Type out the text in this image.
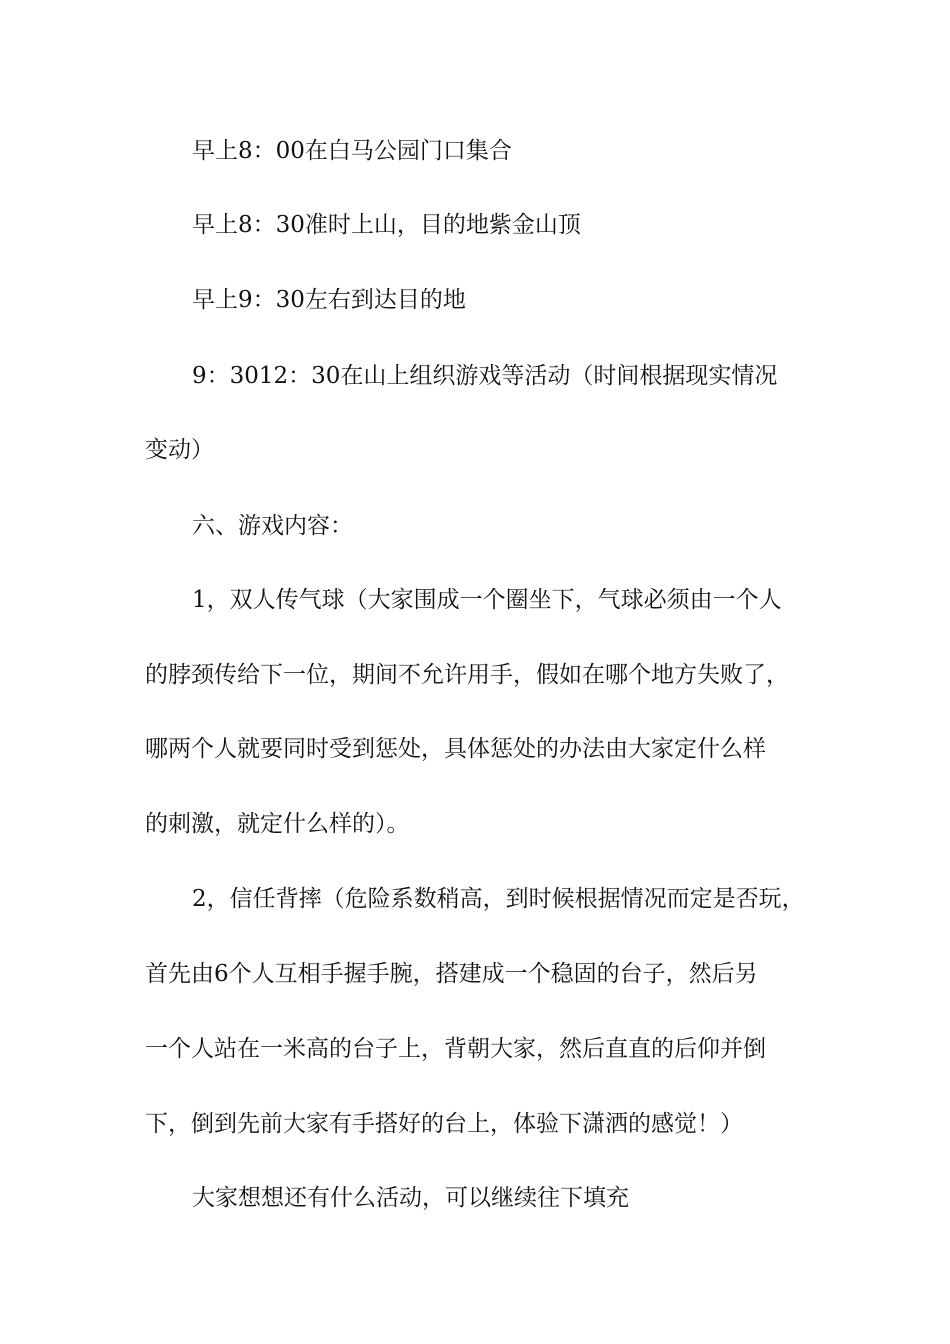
早上8：00在白马公园门口集合
早上8：30准时上山，目的地紫金山顶
早上9：30左右到达目的地
9：3012：30在山上组织游戏等活动（时间根据现实情况
变动）
六、游戏内容：
1，双人传气球（大家围成一个圈坐下，气球必须由一个人
的脖颈传给下一位，期间不允许用手，假如在哪个地方失败了，
哪两个人就要同时受到惩处，具体惩处的办法由大家定什么样
的刺激，就定什么样的）。
2，信任背摔（危险系数稍高，到时候根据情况而定是否玩，
首先由6个人互相手握手腕，搭建成一个稳固的台子，然后另
一个人站在一米高的台子上，背朝大家，然后直直的后仰并倒
下，倒到先前大家有手搭好的台上，体验下潇洒的感觉！）
大家想想还有什么活动，可以继续往下填充
